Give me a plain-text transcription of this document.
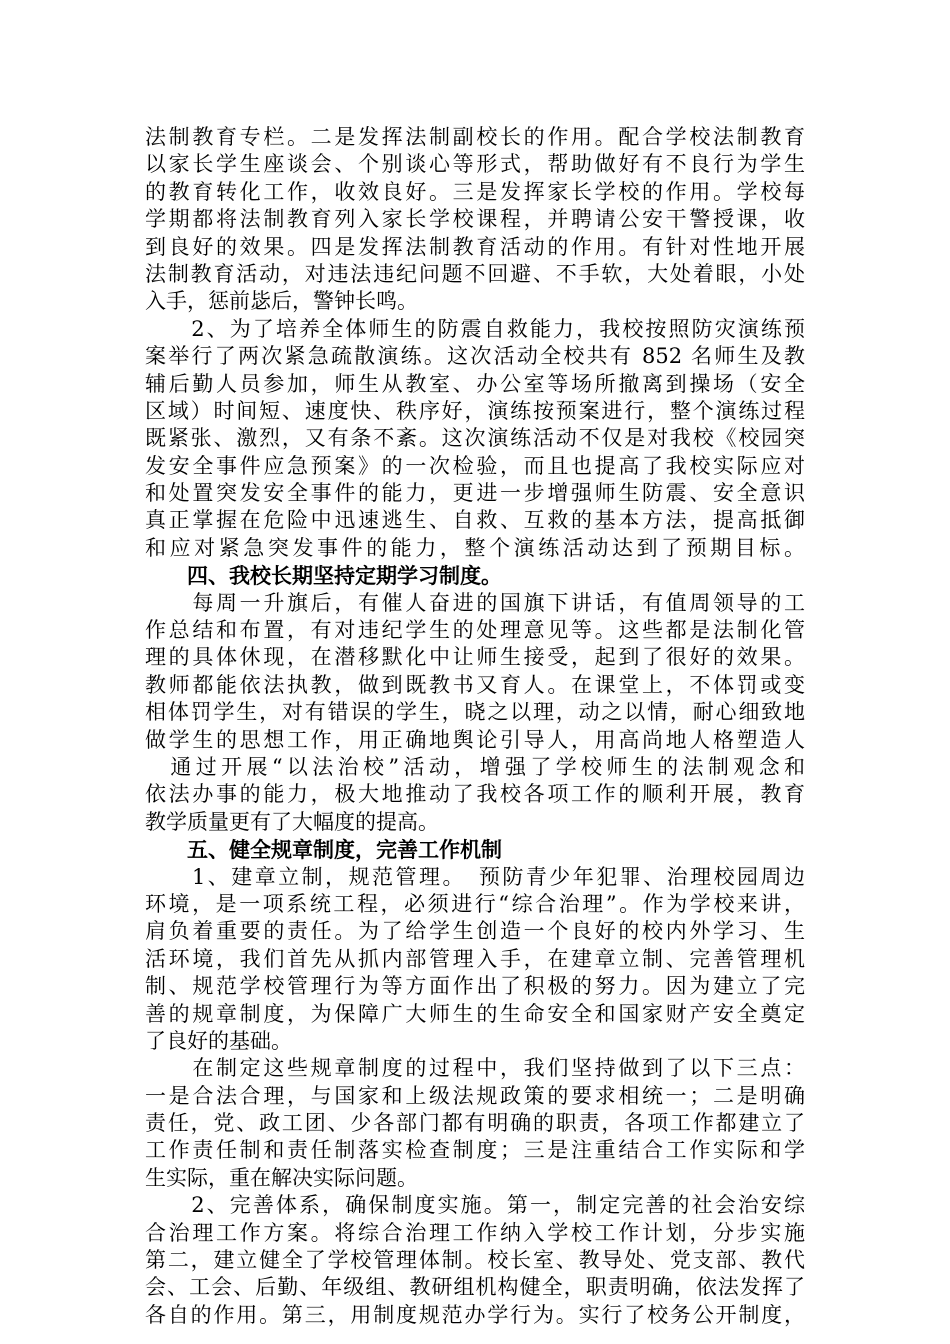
法制教育专栏。二是发挥法制副校长的作用。配合学校法制教育
以家长学生座谈会、个别谈心等形式，帮助做好有不良行为学生
的教育转化工作，收效良好。三是发挥家长学校的作用。学校每
学期都将法制教育列入家长学校课程，并聘请公安干警授课，收
到良好的效果。四是发挥法制教育活动的作用。有针对性地开展
法制教育活动，对违法违纪问题不回避、不手软，大处着眼，小处
入手，惩前毖后，警钟长鸣。
　　2、为了培养全体师生的防震自救能力，我校按照防灾演练预
案举行了两次紧急疏散演练。这次活动全校共有 852 名师生及教
辅后勤人员参加，师生从教室、办公室等场所撤离到操场（安全
区域）时间短、速度快、秩序好，演练按预案进行，整个演练过程
既紧张、激烈，又有条不紊。这次演练活动不仅是对我校《校园突
发安全事件应急预案》的一次检验，而且也提高了我校实际应对
和处置突发安全事件的能力，更进一步增强师生防震、安全意识
真正掌握在危险中迅速逃生、自救、互救的基本方法，提高抵御
和应对紧急突发事件的能力，整个演练活动达到了预期目标。
　　四、我校长期坚持定期学习制度。
　　每周一升旗后，有催人奋进的国旗下讲话，有值周领导的工
作总结和布置，有对违纪学生的处理意见等。这些都是法制化管
理的具体休现，在潜移默化中让师生接受，起到了很好的效果。
教师都能依法执教，做到既教书又育人。在课堂上，不体罚或变
相体罚学生，对有错误的学生，晓之以理，动之以情，耐心细致地
做学生的思想工作，用正确地舆论引导人，用高尚地人格塑造人
　通过开展“以法治校”活动，增强了学校师生的法制观念和
依法办事的能力，极大地推动了我校各项工作的顺利开展，教育
教学质量更有了大幅度的提高。
　　五、健全规章制度，完善工作机制
　　1、建章立制，规范管理。　预防青少年犯罪、治理校园周边
环境，是一项系统工程，必须进行“综合治理”。作为学校来讲，
肩负着重要的责任。为了给学生创造一个良好的校内外学习、生
活环境，我们首先从抓内部管理入手，在建章立制、完善管理机
制、规范学校管理行为等方面作出了积极的努力。因为建立了完
善的规章制度，为保障广大师生的生命安全和国家财产安全奠定
了良好的基础。
　　在制定这些规章制度的过程中，我们坚持做到了以下三点：
一是合法合理，与国家和上级法规政策的要求相统一；二是明确
责任，党、政工团、少各部门都有明确的职责，各项工作都建立了
工作责任制和责任制落实检查制度；三是注重结合工作实际和学
生实际，重在解决实际问题。
　　2、完善体系，确保制度实施。第一，制定完善的社会治安综
合治理工作方案。将综合治理工作纳入学校工作计划，分步实施
第二，建立健全了学校管理体制。校长室、教导处、党支部、教代
会、工会、后勤、年级组、教研组机构健全，职责明确，依法发挥了
各自的作用。第三，用制度规范办学行为。实行了校务公开制度，
